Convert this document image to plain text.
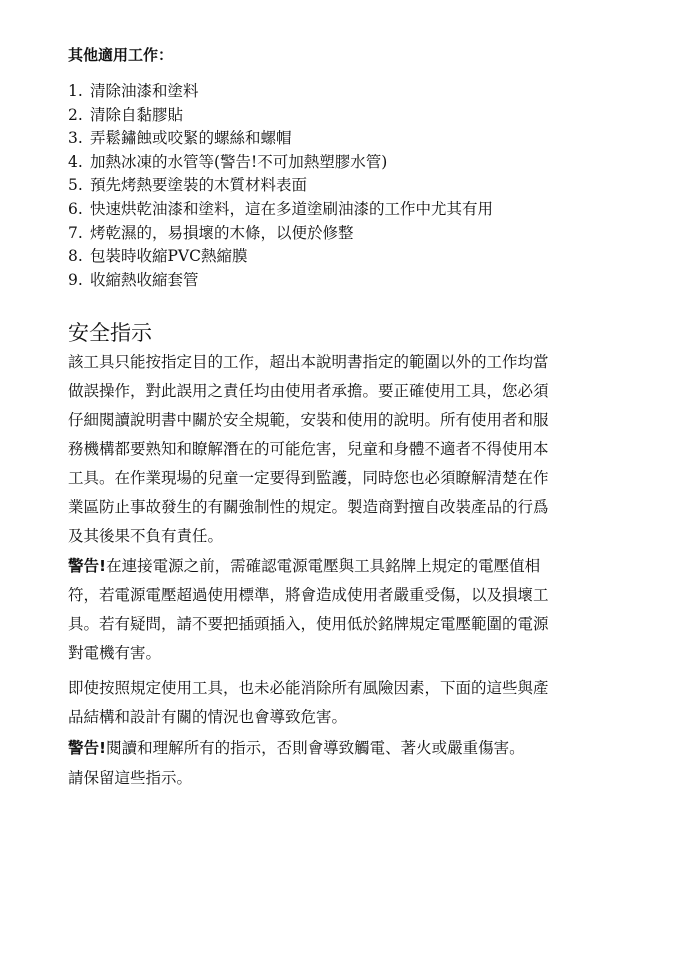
其他適用工作：
1. 清除油漆和塗料
2. 清除自黏膠貼
3. 弄鬆鏽蝕或咬緊的螺絲和螺帽
4. 加熱冰凍的水管等(警告!不可加熱塑膠水管)
5. 預先烤熱要塗裝的木質材料表面
6. 快速烘乾油漆和塗料，這在多道塗刷油漆的工作中尤其有用
7. 烤乾濕的，易損壞的木條，以便於修整
8. 包裝時收縮PVC熱縮膜
9. 收縮熱收縮套管
安全指示

該工具只能按指定目的工作，超出本說明書指定的範圍以外的工作均當
做誤操作，對此誤用之責任均由使用者承擔。要正確使用工具，您必須
仔細閱讀說明書中關於安全規範，安裝和使用的說明。所有使用者和服
務機構都要熟知和瞭解潛在的可能危害，兒童和身體不適者不得使用本
工具。在作業現場的兒童一定要得到監護，同時您也必須瞭解清楚在作
業區防止事故發生的有關強制性的規定。製造商對擅自改裝產品的行爲
及其後果不負有責任。

警告!在連接電源之前，需確認電源電壓與工具銘牌上規定的電壓值相
符，若電源電壓超過使用標準，將會造成使用者嚴重受傷，以及損壞工
具。若有疑問，請不要把插頭插入，使用低於銘牌規定電壓範圍的電源
對電機有害。

即使按照規定使用工具，也未必能消除所有風險因素，下面的這些與產
品結構和設計有關的情況也會導致危害。

警告!閱讀和理解所有的指示，否則會導致觸電、著火或嚴重傷害。

請保留這些指示。
